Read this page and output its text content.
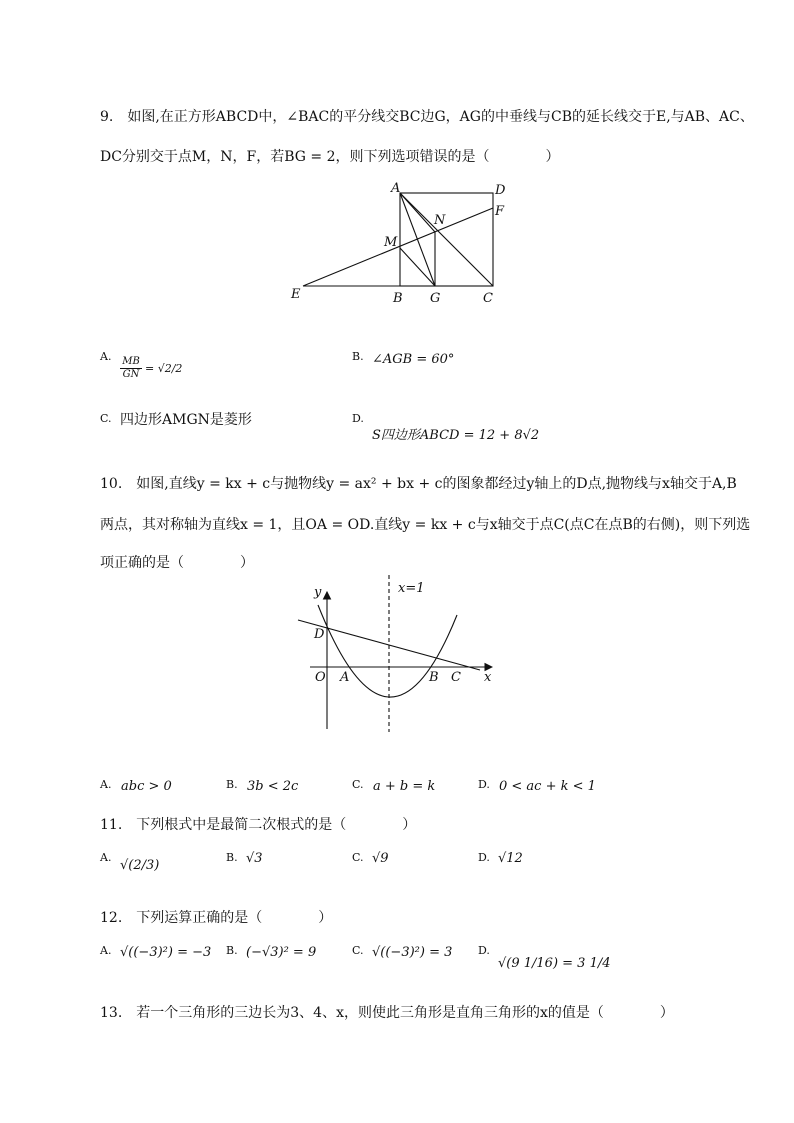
9.　如图,在正方形ABCD中，∠BAC的平分线交BC边G，AG的中垂线与CB的延长线交于E,与AB、AC、
DC分别交于点M，N，F，若BG = 2，则下列选项错误的是（　　　　）
A	D
F
N
M
E	B G	C
A. $\frac{MB}{GN} = √2/2$
B. ∠AGB = 60°
C. 四边形AMGN是菱形	D.
S四边形ABCD = 12 + 8√2
10.　如图,直线y = kx + c与抛物线y = ax² + bx + c的图象都经过y轴上的D点,抛物线与x轴交于A,B
两点，其对称轴为直线x = 1，且OA = OD.直线y = kx + c与x轴交于点C(点C在点B的右侧)，则下列选
项正确的是（　　　　）
y	x=1
D
O A	B C x
A. abc > 0	B. 3b < 2c	C. a + b = k	D. 0 < ac + k < 1
11.　下列根式中是最简二次根式的是（　　　　）
A.
√(2/3)
B. √3	C. √9	D. √12
12.　下列运算正确的是（　　　　）
A. √((−3)²) = −3 B. (−√3)² = 9	C. √((−3)²) = 3 D.
√(9 1/16) = 3 1/4
13.　若一个三角形的三边长为3、4、x，则使此三角形是直角三角形的x的值是（　　　　）
